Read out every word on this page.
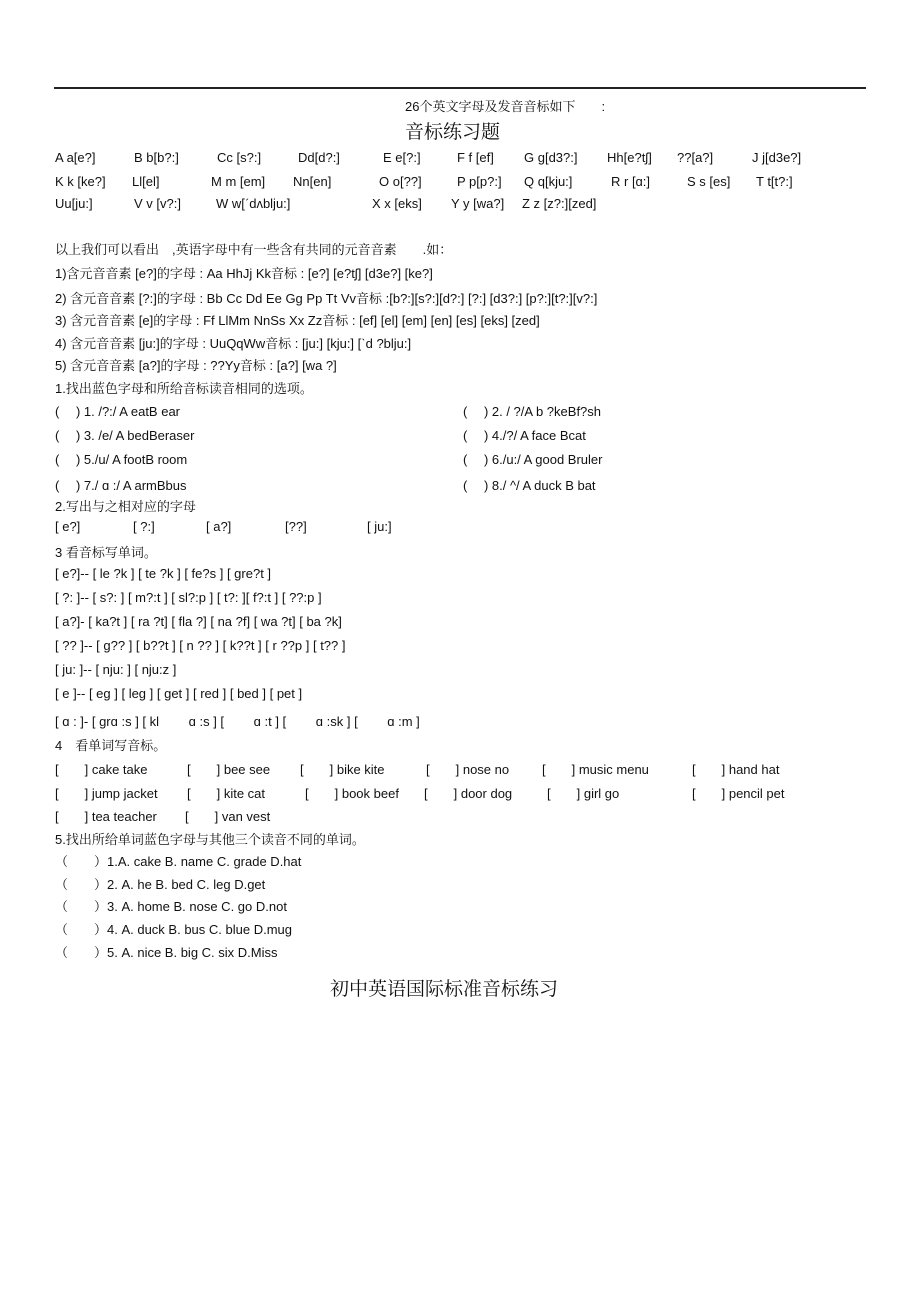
26个英文字母及发音音标如下　　:
音标练习题
A a[e?]	B b[b?:]	Cc [s?:]	Dd[d?:]	E e[?:]	F f [ef] G g[d3?:] Hh[e?tʃ] ??[a?]	J j[d3e?]
K k [ke?] Ll[el]	M m [em] Nn[en]	O o[??]	P p[p?:] Q q[kju:]	R r [ɑ:]	S s [es] T t[t?:]
Uu[ju:]	V v [v?:]	W w[ˊdʌblju:]	X x [eks] Y y [wa?] Z z [z?:][zed]
以上我们可以看出　,英语字母中有一些含有共同的元音音素　　.如：
1)含元音音素 [e?]的字母 : Aa HhJj Kk音标 : [e?] [e?tʃ] [d3e?] [ke?]
2) 含元音音素 [?:]的字母 : Bb Cc Dd Ee Gg Pp Tt Vv音标 :[b?:][s?:][d?:] [?:] [d3?:] [p?:][t?:][v?:]
3) 含元音音素 [e]的字母 : Ff LlMm NnSs Xx Zz音标 : [ef] [el] [em] [en] [es] [eks] [zed]
4) 含元音音素 [ju:]的字母 : UuQqWw音标 : [ju:] [kju:] [ˋd ?blju:]
5) 含元音音素 [a?]的字母 : ??Yy音标 : [a?] [wa ?]
1.找出蓝色字母和所给音标读音相同的选项。
(　 ) 1. /?:/ A eatB ear	(　 ) 2. / ?/A b ?keBf?sh
(　 ) 3. /e/ A bedBeraser	(　 ) 4./?/ A face Bcat
(　 ) 5./u/ A footB room	(　 ) 6./u:/ A good Bruler
(　 ) 7./ ɑ :/ A armBbus	(　 ) 8./ ^/ A duck B bat
2.写出与之相对应的字母
[ e?]	[ ?:]	[ a?]	[??]	[ ju:]
3 看音标写单词。
[ e?]-- [ le ?k ] [ te ?k ] [ fe?s ] [ gre?t ]
[ ?: ]-- [ s?: ] [ m?:t ] [ sl?:p ] [ t?: ][ f?:t ] [ ??:p ]
[ a?]- [ ka?t ] [ ra ?t] [ fla ?] [ na ?f] [ wa ?t] [ ba ?k]
[ ?? ]-- [ g?? ] [ b??t ] [ n ?? ] [ k??t ] [ r ??p ] [ t?? ]
[ ju: ]-- [ nju: ] [ nju:z ]
[ e ]-- [ eg ] [ leg ] [ get ] [ red ] [ bed ] [ pet ]
[ ɑ : ]- [ grɑ :s ] [ kl　　 ɑ :s ] [　　 ɑ :t ] [　　 ɑ :sk ] [　　 ɑ :m ]
4　看单词写音标。
[　　] cake take	[　　] bee see [　　] bike kite	[　　] nose no	[　　] music menu	[　　] hand hat
[　　] jump jacket [　　] kite cat	[　　] book beef [　　] door dog	[　　] girl go	[　　] pencil pet
[　　] tea teacher [　　] van vest
5.找出所给单词蓝色字母与其他三个读音不同的单词。
（　　）1.A. cake B. name C. grade D.hat
（　　）2. A. he B. bed C. leg D.get
（　　）3. A. home B. nose C. go D.not
（　　）4. A. duck B. bus C. blue D.mug
（　　）5. A. nice B. big C. six D.Miss
初中英语国际标准音标练习
